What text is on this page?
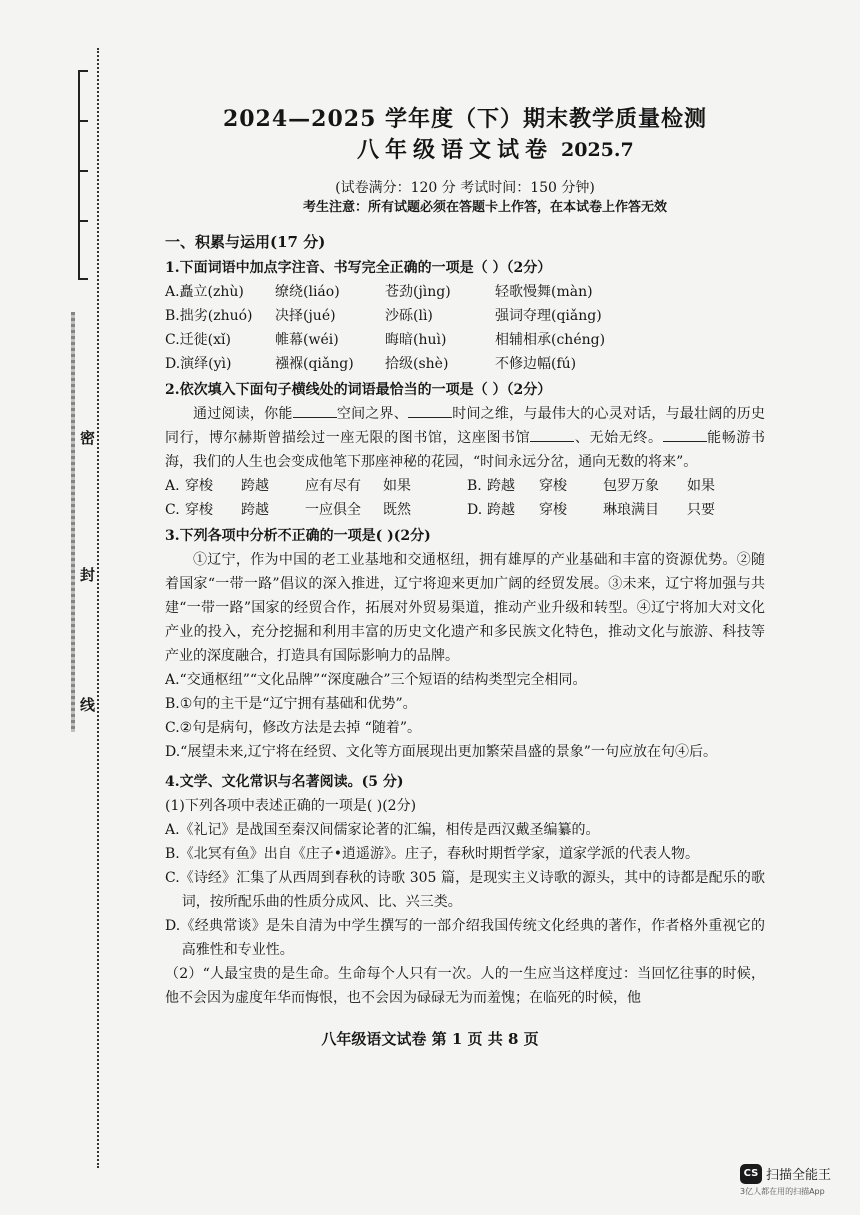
密
封
线
2024—2025 学年度（下）期末教学质量检测
八年级语文试卷 2025.7
(试卷满分：120 分 考试时间：150 分钟)
考生注意：所有试题必须在答题卡上作答，在本试卷上作答无效
一、积累与运用(17 分)
1.下面词语中加点字注音、书写完全正确的一项是（ ）（2分）
A.矗立(zhù)	缭绕(liáo)	苍劲(jìng)	轻歌慢舞(màn)
B.拙劣(zhuó)	决择(jué)	沙砾(lì)	强词夺理(qiǎng)
C.迁徙(xǐ)	帷幕(wéi)	晦暗(huì)	相辅相承(chéng)
D.演绎(yì)	襁褓(qiǎng)	拾级(shè)	不修边幅(fú)
2.依次填入下面句子横线处的词语最恰当的一项是（ ）（2分）

通过阅读，你能	空间之界、	时间之维，与最伟大的心灵对话，与最壮阔的历史同行，博尔赫斯曾描绘过一座无限的图书馆，这座图书馆	、无始无终。	能畅游书海，我们的人生也会变成他笔下那座神秘的花园，“时间永远分岔，通向无数的将来”。

A. 穿梭	跨越	应有尽有	如果	B. 跨越	穿梭	包罗万象	如果
C. 穿梭	跨越	一应俱全	既然	D. 跨越	穿梭	琳琅满目	只要
3.下列各项中分析不正确的一项是( )(2分)

①辽宁，作为中国的老工业基地和交通枢纽，拥有雄厚的产业基础和丰富的资源优势。②随着国家“一带一路”倡议的深入推进，辽宁将迎来更加广阔的经贸发展。③未来，辽宁将加强与共建“一带一路”国家的经贸合作，拓展对外贸易渠道，推动产业升级和转型。④辽宁将加大对文化产业的投入，充分挖掘和利用丰富的历史文化遗产和多民族文化特色，推动文化与旅游、科技等产业的深度融合，打造具有国际影响力的品牌。

A.“交通枢纽”“文化品牌”“深度融合”三个短语的结构类型完全相同。

B.①句的主干是“辽宁拥有基础和优势”。

C.②句是病句，修改方法是去掉 “随着”。

D.“展望未来,辽宁将在经贸、文化等方面展现出更加繁荣昌盛的景象”一句应放在句④后。

4.文学、文化常识与名著阅读。(5 分)

(1)下列各项中表述正确的一项是( )(2分)

A.《礼记》是战国至秦汉间儒家论著的汇编，相传是西汉戴圣编纂的。

B.《北冥有鱼》出自《庄子•逍遥游》。庄子，春秋时期哲学家，道家学派的代表人物。

C.《诗经》汇集了从西周到春秋的诗歌 305 篇，是现实主义诗歌的源头，其中的诗都是配乐的歌词，按所配乐曲的性质分成风、比、兴三类。

D.《经典常谈》是朱自清为中学生撰写的一部介绍我国传统文化经典的著作，作者格外重视它的高雅性和专业性。

（2）“人最宝贵的是生命。生命每个人只有一次。人的一生应当这样度过：当回忆往事的时候，他不会因为虚度年华而悔恨，也不会因为碌碌无为而羞愧；在临死的时候，他

八年级语文试卷 第 1 页 共 8 页
CS 扫描全能王
3亿人都在用的扫描App
